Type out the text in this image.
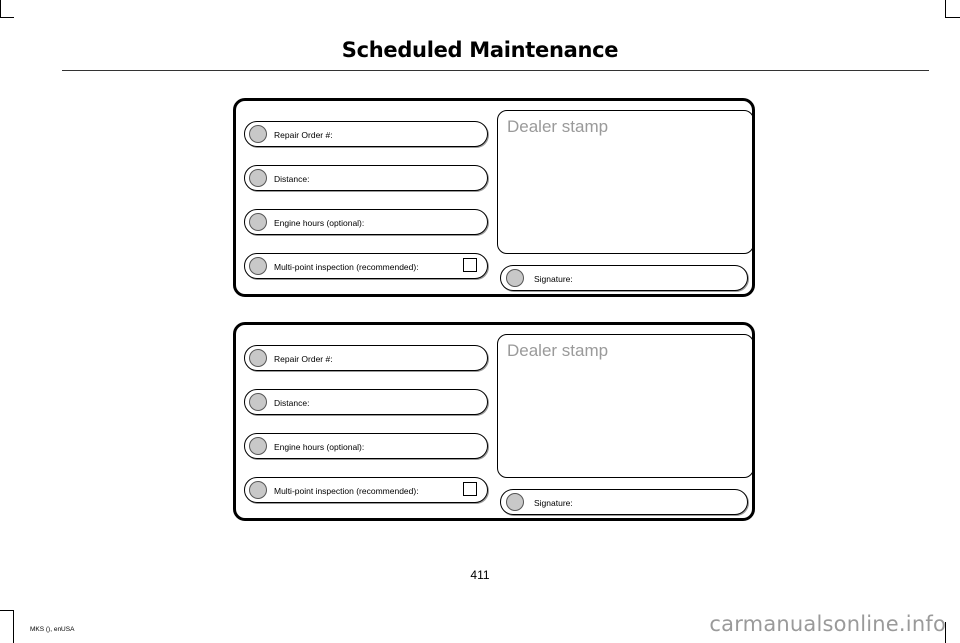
Scheduled Maintenance
Repair Order #:
Distance:
Engine hours (optional):
Multi-point inspection (recommended):
Dealer stamp
Signature:
Repair Order #:
Distance:
Engine hours (optional):
Multi-point inspection (recommended):
Dealer stamp
Signature:
411
MKS (), enUSA	carmanualsonline.info
